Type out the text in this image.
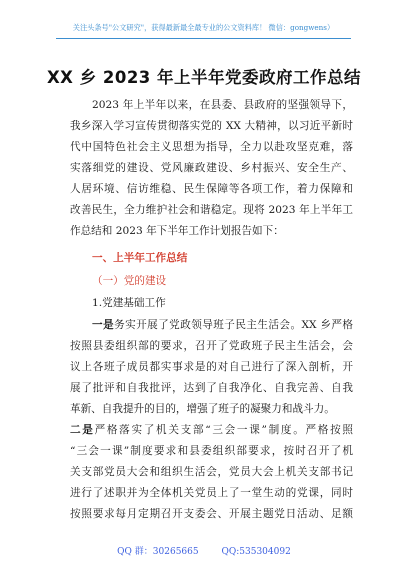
关注头条号"公文研究"，获得最新最全最专业的公文资料库！ 微信：gongwens）
XX 乡 2023 年上半年党委政府工作总结
2023 年上半年以来，在县委、县政府的坚强领导下，
我乡深入学习宣传贯彻落实党的 XX 大精神，以习近平新时
代中国特色社会主义思想为指导，全力以赴攻坚克难，落
实落细党的建设、党风廉政建设、乡村振兴、安全生产、
人居环境、信访维稳、民生保障等各项工作，着力保障和
改善民生，全力维护社会和谐稳定。现将 2023 年上半年工
作总结和 2023 年下半年工作计划报告如下：
一、上半年工作总结
（一）党的建设
1.党建基础工作
一是务实开展了党政领导班子民主生活会。XX 乡严格
按照县委组织部的要求，召开了党政班子民主生活会，会
议上各班子成员都实事求是的对自己进行了深入剖析，开
展了批评和自我批评，达到了自我净化、自我完善、自我
革新、自我提升的目的，增强了班子的凝聚力和战斗力。
二是严格落实了机关支部“三会一课”制度。严格按照
“三会一课”制度要求和县委组织部要求，按时召开了机
关支部党员大会和组织生活会，党员大会上机关支部书记
进行了述职并为全体机关党员上了一堂生动的党课，同时
按照要求每月定期召开支委会、开展主题党日活动、足额
QQ 群：30265665	QQ:535304092
